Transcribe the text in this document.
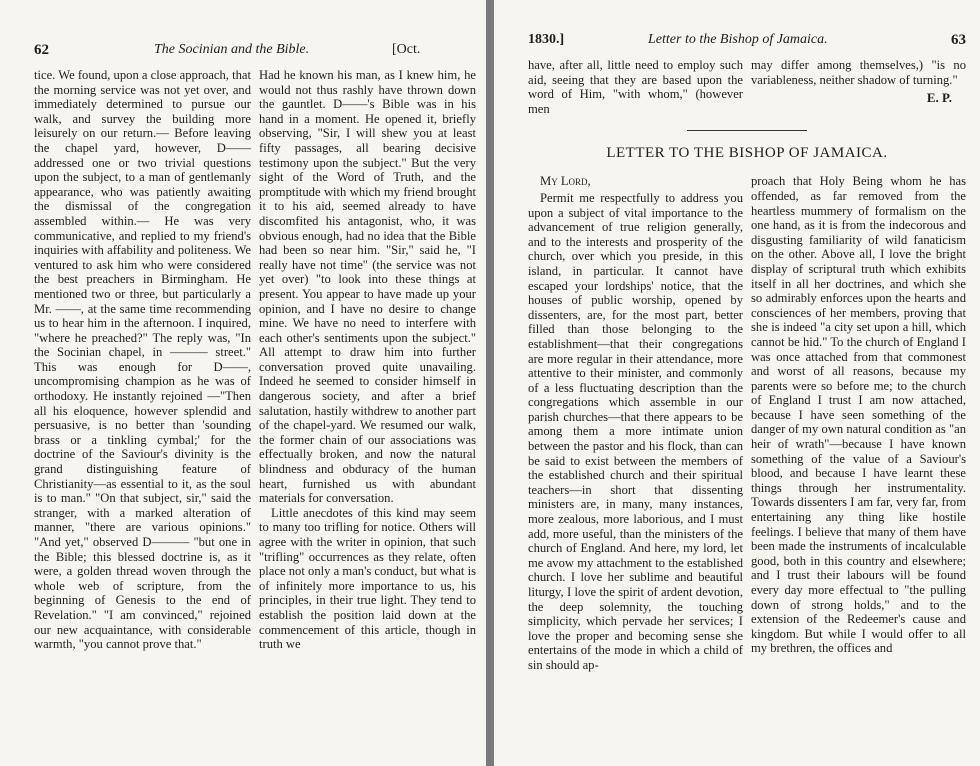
62	The Socinian and the Bible.	[Oct.

tice. We found, upon a close approach, that the morning service was not yet over, and immediately determined to pursue our walk, and survey the building more leisurely on our return.— Before leaving the chapel yard, however, D—— addressed one or two trivial questions upon the subject, to a man of gentlemanly appearance, who was patiently awaiting the dismissal of the congregation assembled within.— He was very communicative, and replied to my friend's inquiries with affability and politeness. We ventured to ask him who were considered the best preachers in Birmingham. He mentioned two or three, but particularly a Mr. ——, at the same time recommending us to hear him in the afternoon. I inquired, "where he preached?" The reply was, "In the Socinian chapel, in ——— street." This was enough for D——, uncompromising champion as he was of orthodoxy. He instantly rejoined —"Then all his eloquence, however splendid and persuasive, is no better than 'sounding brass or a tinkling cymbal;' for the doctrine of the Saviour's divinity is the grand distinguishing feature of Christianity—as essential to it, as the soul is to man." "On that subject, sir," said the stranger, with a marked alteration of manner, "there are various opinions." "And yet," observed D——— "but one in the Bible; this blessed doctrine is, as it were, a golden thread woven through the whole web of scripture, from the beginning of Genesis to the end of Revelation." "I am convinced," rejoined our new acquaintance, with considerable warmth, "you cannot prove that."

Had he known his man, as I knew him, he would not thus rashly have thrown down the gauntlet. D——'s Bible was in his hand in a moment. He opened it, briefly observing, "Sir, I will shew you at least fifty passages, all bearing decisive testimony upon the subject." But the very sight of the Word of Truth, and the promptitude with which my friend brought it to his aid, seemed already to have discomfited his antagonist, who, it was obvious enough, had no idea that the Bible had been so near him. "Sir," said he, "I really have not time" (the service was not yet over) "to look into these things at present. You appear to have made up your opinion, and I have no desire to change mine. We have no need to interfere with each other's sentiments upon the subject." All attempt to draw him into further conversation proved quite unavailing. Indeed he seemed to consider himself in dangerous society, and after a brief salutation, hastily withdrew to another part of the chapel-yard. We resumed our walk, the former chain of our associations was effectually broken, and now the natural blindness and obduracy of the human heart, furnished us with abundant materials for conversation.

Little anecdotes of this kind may seem to many too trifling for notice. Others will agree with the writer in opinion, that such "trifling" occurrences as they relate, often place not only a man's conduct, but what is of infinitely more importance to us, his principles, in their true light. They tend to establish the position laid down at the commencement of this article, though in truth we

1830.]	Letter to the Bishop of Jamaica.	63

have, after all, little need to employ such aid, seeing that they are based upon the word of Him, "with whom," (however men

may differ among themselves,) "is no variableness, neither shadow of turning."

E. P.
LETTER TO THE BISHOP OF JAMAICA.
My Lord,

Permit me respectfully to address you upon a subject of vital importance to the advancement of true religion generally, and to the interests and prosperity of the church, over which you preside, in this island, in particular. It cannot have escaped your lordships' notice, that the houses of public worship, opened by dissenters, are, for the most part, better filled than those belonging to the establishment—that their congregations are more regular in their attendance, more attentive to their minister, and commonly of a less fluctuating description than the congregations which assemble in our parish churches—that there appears to be among them a more intimate union between the pastor and his flock, than can be said to exist between the members of the established church and their spiritual teachers—in short that dissenting ministers are, in many, many instances, more zealous, more laborious, and I must add, more useful, than the ministers of the church of England. And here, my lord, let me avow my attachment to the established church. I love her sublime and beautiful liturgy, I love the spirit of ardent devotion, the deep solemnity, the touching simplicity, which pervade her services; I love the proper and becoming sense she entertains of the mode in which a child of sin should ap-

proach that Holy Being whom he has offended, as far removed from the heartless mummery of formalism on the one hand, as it is from the indecorous and disgusting familiarity of wild fanaticism on the other. Above all, I love the bright display of scriptural truth which exhibits itself in all her doctrines, and which she so admirably enforces upon the hearts and consciences of her members, proving that she is indeed "a city set upon a hill, which cannot be hid." To the church of England I was once attached from that commonest and worst of all reasons, because my parents were so before me; to the church of England I trust I am now attached, because I have seen something of the danger of my own natural condition as "an heir of wrath"—because I have known something of the value of a Saviour's blood, and because I have learnt these things through her instrumentality. Towards dissenters I am far, very far, from entertaining any thing like hostile feelings. I believe that many of them have been made the instruments of incalculable good, both in this country and elsewhere; and I trust their labours will be found every day more effectual to "the pulling down of strong holds," and to the extension of the Redeemer's cause and kingdom. But while I would offer to all my brethren, the offices and
